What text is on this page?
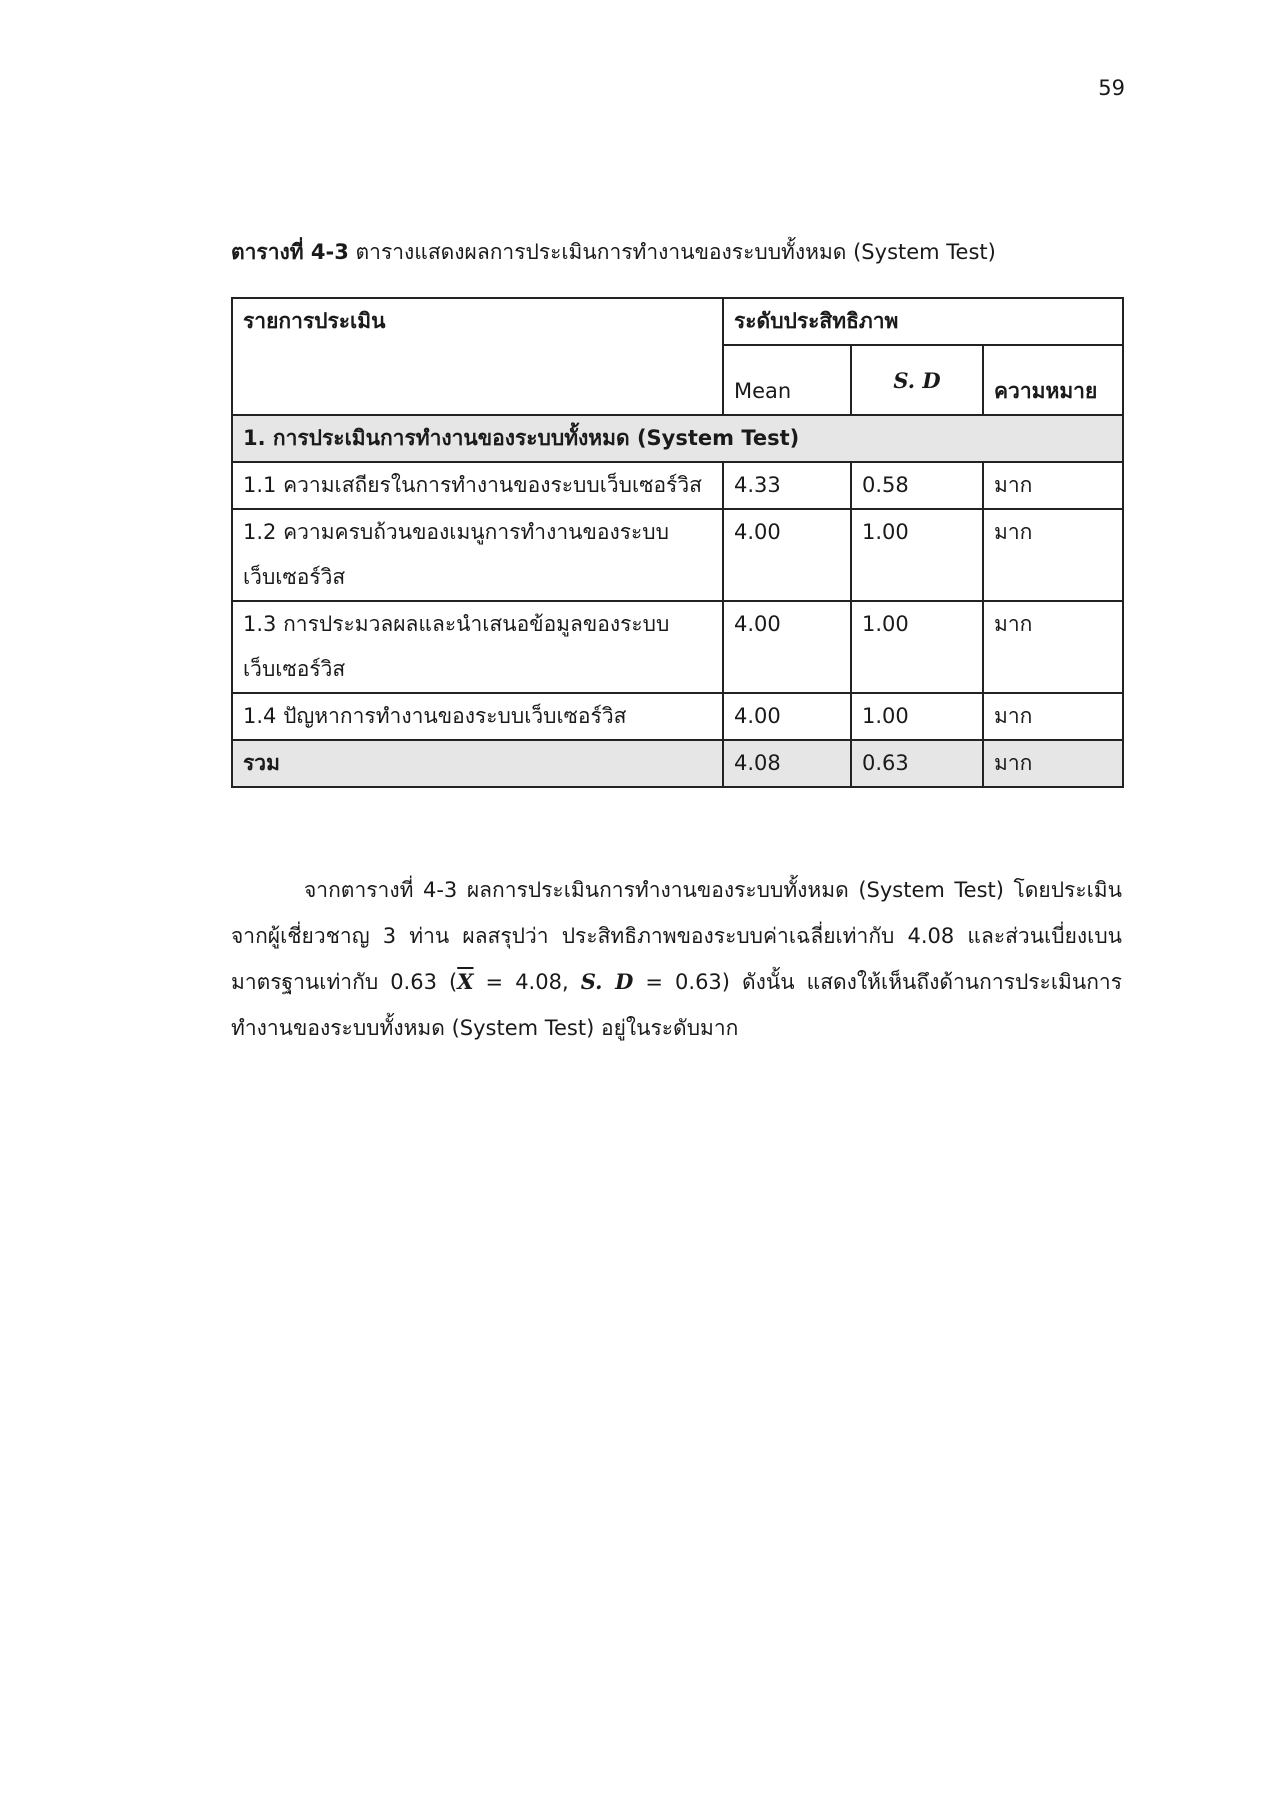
59
ตารางที่ 4-3 ตารางแสดงผลการประเมินการทำงานของระบบทั้งหมด (System Test)
รายการประเมิน	ระดับประสิทธิภาพ		
	Mean	S. D	ความหมาย
1. การประเมินการทำงานของระบบทั้งหมด (System Test)			
1.1 ความเสถียรในการทำงานของระบบเว็บเซอร์วิส	4.33	0.58	มาก
1.2 ความครบถ้วนของเมนูการทำงานของระบบเว็บเซอร์วิส	4.00	1.00	มาก
1.3 การประมวลผลและนำเสนอข้อมูลของระบบเว็บเซอร์วิส	4.00	1.00	มาก
1.4 ปัญหาการทำงานของระบบเว็บเซอร์วิส	4.00	1.00	มาก
รวม	4.08	0.63	มาก

จากตารางที่ 4-3 ผลการประเมินการทำงานของระบบทั้งหมด (System Test) โดยประเมินจากผู้เชี่ยวชาญ 3 ท่าน ผลสรุปว่า ประสิทธิภาพของระบบค่าเฉลี่ยเท่ากับ 4.08 และส่วนเบี่ยงเบนมาตรฐานเท่ากับ 0.63 ($\overline{X} = 4.08$, S. D = 0.63) ดังนั้น แสดงให้เห็นถึงด้านการประเมินการทำงานของระบบทั้งหมด (System Test) อยู่ในระดับมาก
